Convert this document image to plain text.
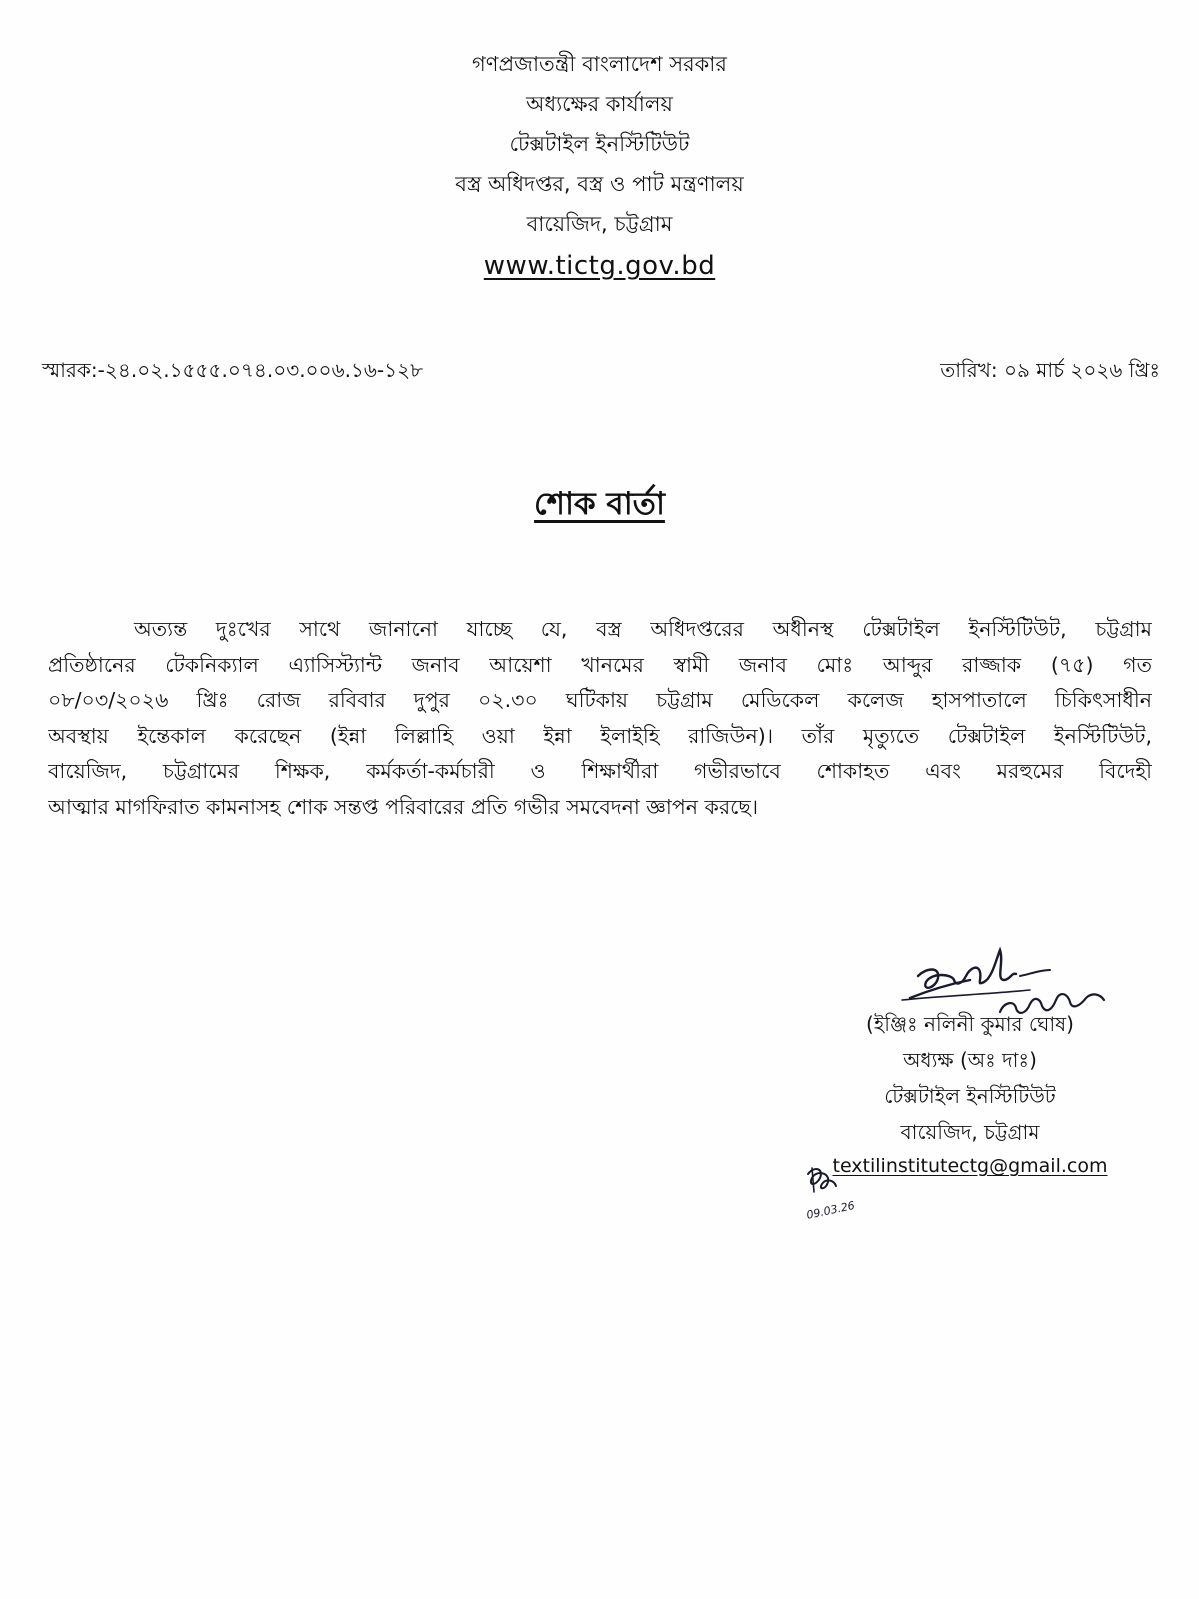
গণপ্রজাতন্ত্রী বাংলাদেশ সরকার
অধ্যক্ষের কার্যালয়
টেক্সটাইল ইনস্টিটিউট
বস্ত্র অধিদপ্তর, বস্ত্র ও পাট মন্ত্রণালয়
বায়েজিদ, চট্টগ্রাম
www.tictg.gov.bd
স্মারক:-২৪.০২.১৫৫৫.০৭৪.০৩.০০৬.১৬-১২৮	তারিখ: ০৯ মার্চ ২০২৬ খ্রিঃ
শোক বার্তা
অত্যন্ত দুঃখের সাথে জানানো যাচ্ছে যে, বস্ত্র অধিদপ্তরের অধীনস্থ টেক্সটাইল ইনস্টিটিউট, চট্টগ্রাম
প্রতিষ্ঠানের টেকনিক্যাল এ্যাসিস্ট্যান্ট জনাব আয়েশা খানমের স্বামী জনাব মোঃ আব্দুর রাজ্জাক (৭৫) গত
০৮/০৩/২০২৬ খ্রিঃ রোজ রবিবার দুপুর ০২.৩০ ঘটিকায় চট্টগ্রাম মেডিকেল কলেজ হাসপাতালে চিকিৎসাধীন
অবস্থায় ইন্তেকাল করেছেন (ইন্না লিল্লাহি ওয়া ইন্না ইলাইহি রাজিউন)। তাঁর মৃত্যুতে টেক্সটাইল ইনস্টিটিউট,
বায়েজিদ, চট্টগ্রামের শিক্ষক, কর্মকর্তা-কর্মচারী ও শিক্ষার্থীরা গভীরভাবে শোকাহত এবং মরহুমের বিদেহী
আত্মার মাগফিরাত কামনাসহ শোক সন্তপ্ত পরিবারের প্রতি গভীর সমবেদনা জ্ঞাপন করছে।
(ইঞ্জিঃ নলিনী কুমার ঘোষ)
অধ্যক্ষ (অঃ দাঃ)
টেক্সটাইল ইনস্টিটিউট
বায়েজিদ, চট্টগ্রাম
textilinstitutectg@gmail.com
09.03.26
